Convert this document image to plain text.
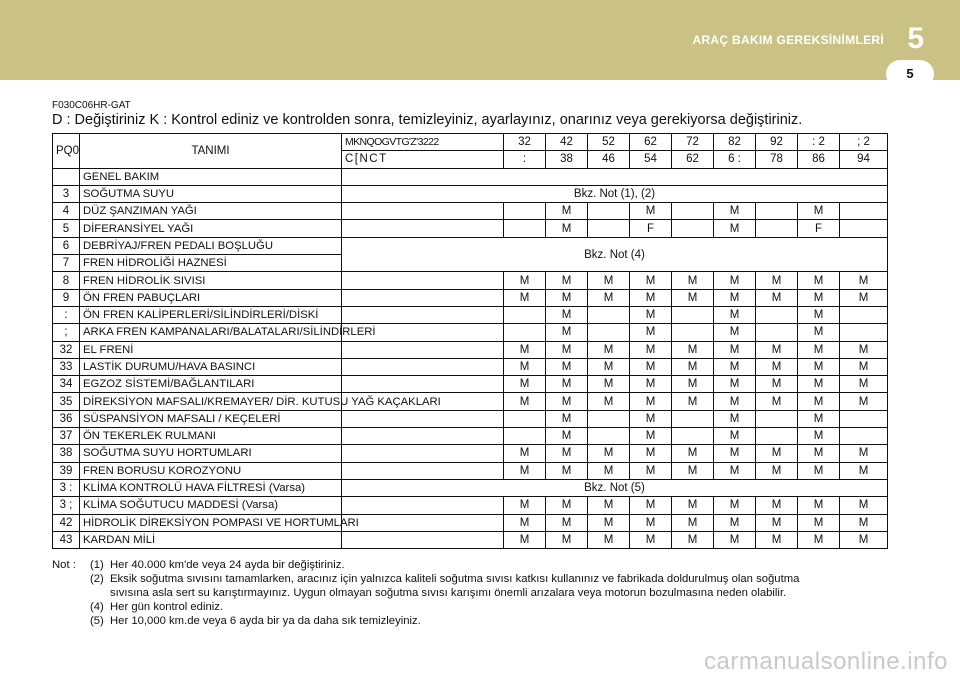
ARAÇ BAKIM GEREKSİNİMLERİ 5
5
F030C06HR-GAT
D : Değiştiriniz K : Kontrol ediniz ve kontrolden sonra, temizleyiniz, ayarlayınız, onarınız veya gerekiyorsa değiştiriniz.
PQ0	TANIMI	MKNQOGVTG'Z'3222	32	42	52	62	72	82	92	: 2	; 2
		C[NCT	:	38	46	54	62	6 :	78	86	94
	GENEL BAKIM										
3	SOĞUTMA SUYU	Bkz. Not (1), (2)									
4	DÜZ ŞANZIMAN YAĞI			M		M		M		M	
5	DİFERANSİYEL YAĞI			M		F		M		F	
6	DEBRİYAJ/FREN PEDALI BOŞLUĞU	Bkz. Not (4)									
7	FREN HİDROLİĞİ HAZNESİ										
8	FREN HİDROLİK SIVISI		M	M	M	M	M	M	M	M	M
9	ÖN FREN PABUÇLARI		M	M	M	M	M	M	M	M	M
:	ÖN FREN KALİPERLERİ/SİLİNDİRLERİ/DİSKİ			M		M		M		M	
;	ARKA FREN KAMPANALARI/BALATALARI/SİLİNDİRLERİ			M		M		M		M	
32	EL FRENİ		M	M	M	M	M	M	M	M	M
33	LASTİK DURUMU/HAVA BASINCI		M	M	M	M	M	M	M	M	M
34	EGZOZ SİSTEMİ/BAĞLANTILARI		M	M	M	M	M	M	M	M	M
35	DİREKSİYON MAFSALI/KREMAYER/ DİR. KUTUSU YAĞ KAÇAKLARI		M	M	M	M	M	M	M	M	M
36	SÜSPANSİYON MAFSALI / KEÇELERİ			M		M		M		M	
37	ÖN TEKERLEK RULMANI			M		M		M		M	
38	SOĞUTMA SUYU HORTUMLARI		M	M	M	M	M	M	M	M	M
39	FREN BORUSU KOROZYONU		M	M	M	M	M	M	M	M	M
3 :	KLİMA KONTROLÜ HAVA FİLTRESİ (Varsa)	Bkz. Not (5)									
3 ;	KLİMA SOĞUTUCU MADDESİ (Varsa)		M	M	M	M	M	M	M	M	M
42	HİDROLİK DİREKSİYON POMPASI VE HORTUMLARI		M	M	M	M	M	M	M	M	M
43	KARDAN MİLİ		M	M	M	M	M	M	M	M	M
Not :	(1) Her 40.000 km'de veya 24 ayda bir değiştiriniz.
(2) Eksik soğutma sıvısını tamamlarken, aracınız için yalnızca kaliteli soğutma sıvısı katkısı kullanınız ve fabrikada doldurulmuş olan soğutma
sıvısına asla sert su karıştırmayınız. Uygun olmayan soğutma sıvısı karışımı önemli arızalara veya motorun bozulmasına neden olabilir.
(4) Her gün kontrol ediniz.
(5) Her 10,000 km.de veya 6 ayda bir ya da daha sık temizleyiniz.
carmanualsonline.info
